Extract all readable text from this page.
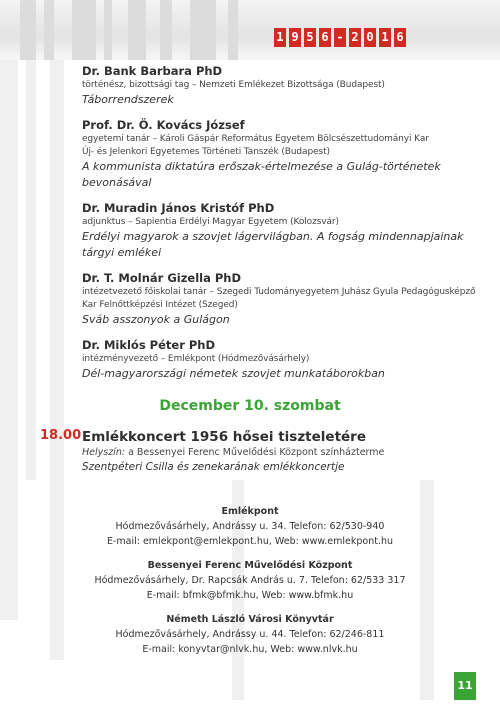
1 9 5 6 - 2 0 1 6
Dr. Bank Barbara PhD
történész, bizottsági tag – Nemzeti Emlékezet Bizottsága (Budapest)
Táborrendszerek
Prof. Dr. Ö. Kovács József
egyetemi tanár – Károli Gáspár Református Egyetem Bölcsészettudományi Kar
Új- és Jelenkori Egyetemes Történeti Tanszék (Budapest)
A kommunista diktatúra erőszak-értelmezése a Gulág-történetek bevonásával
Dr. Muradin János Kristóf PhD
adjunktus – Sapientia Erdélyi Magyar Egyetem (Kolozsvár)
Erdélyi magyarok a szovjet lágervilágban. A fogság mindennapjainak tárgyi emlékei
Dr. T. Molnár Gizella PhD
intézetvezető főiskolai tanár – Szegedi Tudományegyetem Juhász Gyula Pedagógusképző
Kar Felnőttképzési Intézet (Szeged)
Sváb asszonyok a Gulágon
Dr. Miklós Péter PhD
intézményvezető – Emlékpont (Hódmezővásárhely)
Dél-magyarországi németek szovjet munkatáborokban
December 10. szombat
18.00 Emlékkoncert 1956 hősei tiszteletére
Helyszín: a Bessenyei Ferenc Művelődési Központ színházterme
Szentpéteri Csilla és zenekarának emlékkoncertje
Emlékpont
Hódmezővásárhely, Andrássy u. 34. Telefon: 62/530-940
E-mail: emlekpont@emlekpont.hu, Web: www.emlekpont.hu
Bessenyei Ferenc Művelődési Központ
Hódmezővásárhely, Dr. Rapcsák András u. 7. Telefon: 62/533 317
E-mail: bfmk@bfmk.hu, Web: www.bfmk.hu
Németh László Városi Könyvtár
Hódmezővásárhely, Andrássy u. 44. Telefon: 62/246-811
E-mail: konyvtar@nlvk.hu, Web: www.nlvk.hu
11
